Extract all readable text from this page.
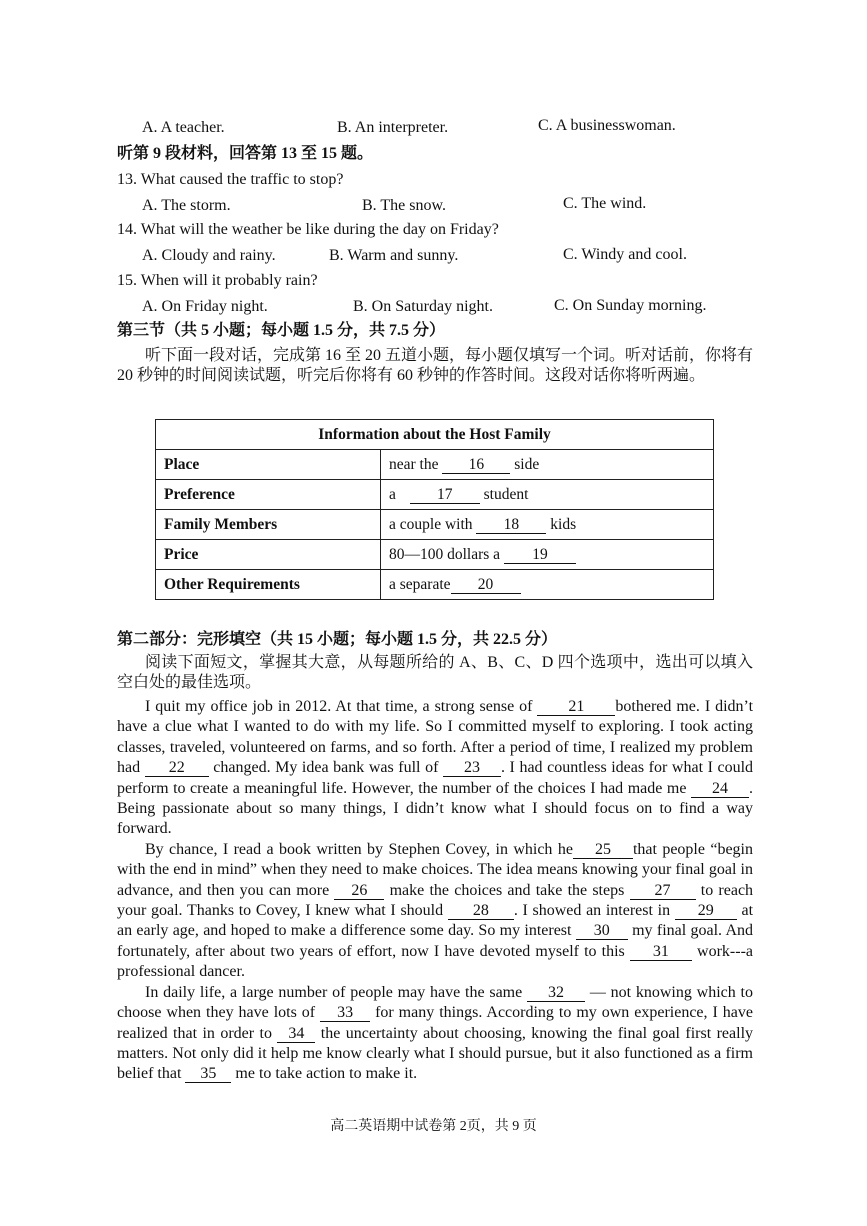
A. A teacher.	B. An interpreter.	C. A businesswoman.
听第 9 段材料，回答第 13 至 15 题。
13. What caused the traffic to stop?
A. The storm.	B. The snow.	C. The wind.
14. What will the weather be like during the day on Friday?
A. Cloudy and rainy.	B. Warm and sunny.	C. Windy and cool.
15. When will it probably rain?
A. On Friday night.	B. On Saturday night.	C. On Sunday morning.
第三节（共 5 小题；每小题 1.5 分，共 7.5 分）

听下面一段对话，完成第 16 至 20 五道小题，每小题仅填写一个词。听对话前，你将有 20 秒钟的时间阅读试题，听完后你将有 60 秒钟的作答时间。这段对话你将听两遍。

Information about the Host Family	
Place	near the 16 side
Preference	a 17 student
Family Members	a couple with 18 kids
Price	80—100 dollars a 19
Other Requirements	a separate 20
第二部分：完形填空（共 15 小题；每小题 1.5 分，共 22.5 分）

阅读下面短文，掌握其大意，从每题所给的 A、B、C、D 四个选项中，选出可以填入空白处的最佳选项。

I quit my office job in 2012. At that time, a strong sense of 21 bothered me. I didn’t have a clue what I wanted to do with my life. So I committed myself to exploring. I took acting classes, traveled, volunteered on farms, and so forth. After a period of time, I realized my problem had 22 changed. My idea bank was full of 23 . I had countless ideas for what I could perform to create a meaningful life. However, the number of the choices I had made me 24 . Being passionate about so many things, I didn’t know what I should focus on to find a way forward.

By chance, I read a book written by Stephen Covey, in which he 25 that people “begin with the end in mind” when they need to make choices. The idea means knowing your final goal in advance, and then you can more 26 make the choices and take the steps 27 to reach your goal. Thanks to Covey, I knew what I should 28 . I showed an interest in 29 at an early age, and hoped to make a difference some day. So my interest 30 my final goal. And fortunately, after about two years of effort, now I have devoted myself to this 31 work---a professional dancer.

In daily life, a large number of people may have the same 32 — not knowing which to choose when they have lots of 33 for many things. According to my own experience, I have realized that in order to 34 the uncertainty about choosing, knowing the final goal first really matters. Not only did it help me know clearly what I should pursue, but it also functioned as a firm belief that 35 me to take action to make it.

高二英语期中试卷第 2页，共 9 页
